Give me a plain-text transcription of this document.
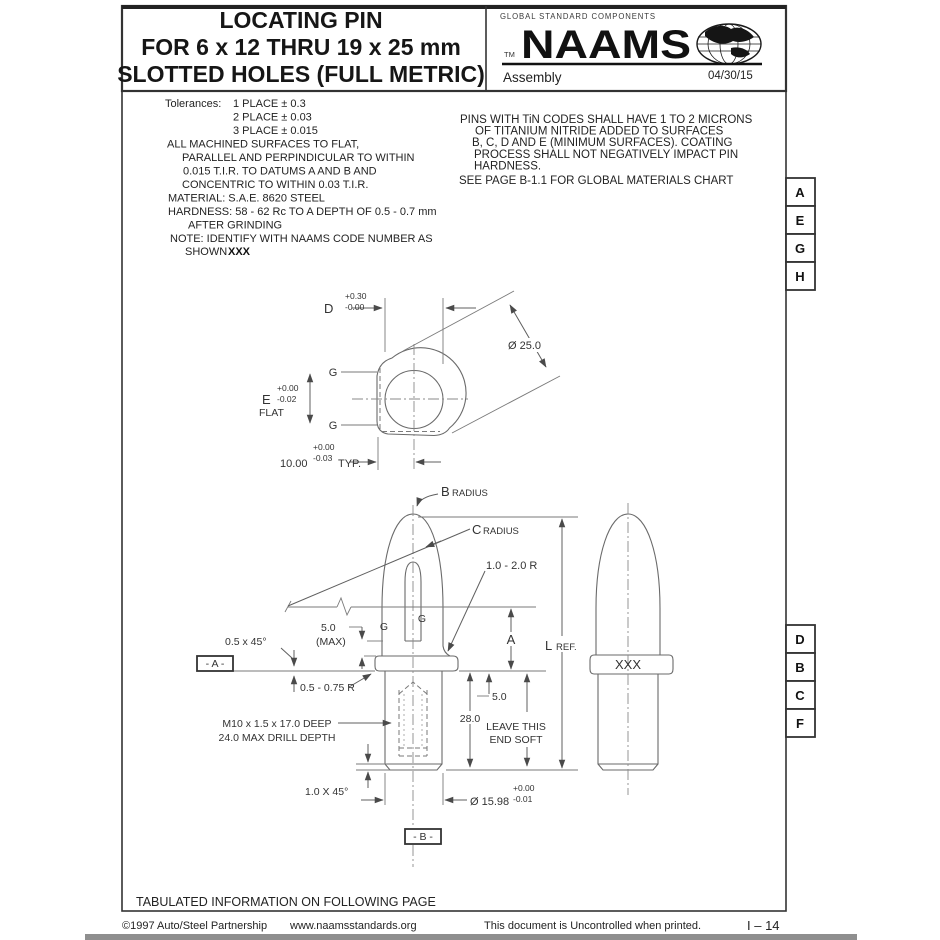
LOCATING PIN
FOR 6 x 12 THRU 19 x 25 mm
SLOTTED HOLES (FULL METRIC)
GLOBAL STANDARD COMPONENTS
TM NAAMS
Assembly	04/30/15
A
E
G
H
D
B
C
F
Tolerances: 1 PLACE ± 0.3
2 PLACE ± 0.03
3 PLACE ± 0.015
ALL MACHINED SURFACES TO FLAT,
PARALLEL AND PERPINDICULAR TO WITHIN
0.015 T.I.R. TO DATUMS A AND B AND
CONCENTRIC TO WITHIN 0.03 T.I.R.
MATERIAL: S.A.E. 8620 STEEL
HARDNESS: 58 - 62 Rc TO A DEPTH OF 0.5 - 0.7 mm
AFTER GRINDING
NOTE: IDENTIFY WITH NAAMS CODE NUMBER AS
SHOWN XXX
PINS WITH TiN CODES SHALL HAVE 1 TO 2 MICRONS
OF TITANIUM NITRIDE ADDED TO SURFACES
B, C, D AND E (MINIMUM SURFACES). COATING
PROCESS SHALL NOT NEGATIVELY IMPACT PIN
HARDNESS.
SEE PAGE B-1.1 FOR GLOBAL MATERIALS CHART
D
+0.30
-0.00
Ø 25.0
G
G
E
+0.00
-0.02
FLAT
10.00
+0.00
-0.03 TYP.
B RADIUS
C RADIUS
1.0 - 2.0 R
5.0
(MAX)
G
G
0.5 x 45°
- A -
0.5 - 0.75 R
M10 x 1.5 x 17.0 DEEP
24.0 MAX DRILL DEPTH
A
28.0
5.0
LEAVE THIS
END SOFT
L REF.
1.0 X 45°
Ø 15.98
+0.00
-0.01
- B -
XXX
TABULATED INFORMATION ON FOLLOWING PAGE
©1997 Auto/Steel Partnership www.naamsstandards.org	This document is Uncontrolled when printed.	I – 14
